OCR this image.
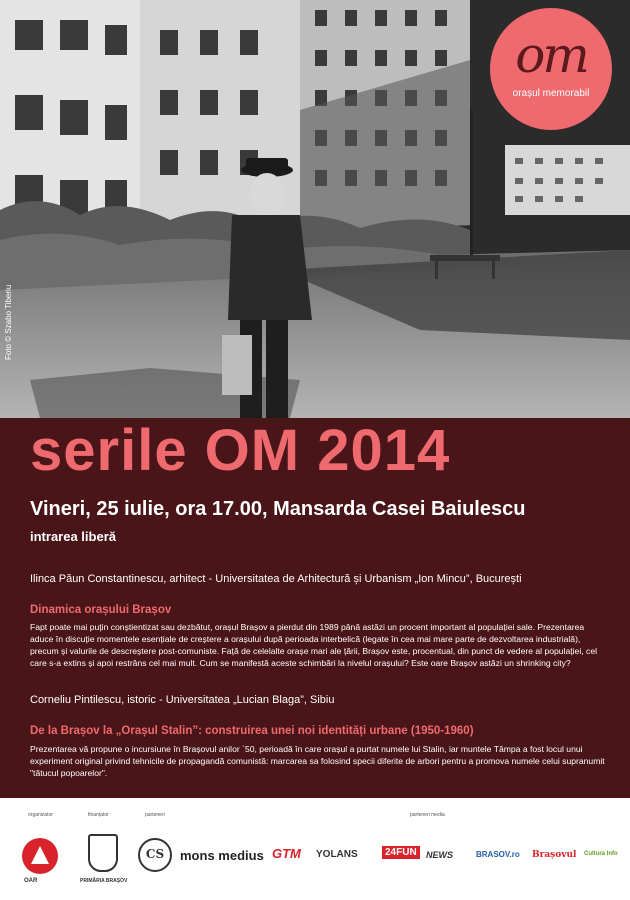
Foto © Szabo Tiberiu
om
orașul memorabil
serile OM 2014
Vineri, 25 iulie, ora 17.00, Mansarda Casei Baiulescu
intrarea liberă
Ilinca Păun Constantinescu, arhitect - Universitatea de Arhitectură și Urbanism „Ion Mincu”, București
Dinamica orașului Brașov
Fapt poate mai puțin conștientizat sau dezbătut, orașul Brașov a pierdut din 1989 până astăzi un procent important al populației sale. Prezentarea aduce în discuție momentele esențiale de creștere a orașului după perioada interbelică (legate în cea mai mare parte de dezvoltarea industrială), precum și valurile de descreștere post-comuniste. Față de celelalte orașe mari ale țării, Brașov este, procentual, din punct de vedere al populației, cel care s-a extins și apoi restrâns cel mai mult. Cum se manifestă aceste schimbări la nivelul orașului? Este oare Brașov astăzi un shrinking city?
Corneliu Pintilescu, istoric - Universitatea „Lucian Blaga”, Sibiu
De la Brașov la „Orașul Stalin”: construirea unei noi identități urbane (1950-1960)
Prezentarea vă propune o incursiune în Brașovul anilor `50, perioadă în care orașul a purtat numele lui Stalin, iar muntele Tâmpa a fost locul unui experiment original privind tehnicile de propagandă comunistă: marcarea sa folosind specii diferite de arbori pentru a promova numele celui supranumit "tătucul popoarelor".
organizator	finanțator	parteneri	parteneri media
OAR	PRIMĂRIA BRAȘOV
CS	mons medius GTM YOLANS	24FUN	NEWS	BRASOV.ro Brașovul Cultura Info
